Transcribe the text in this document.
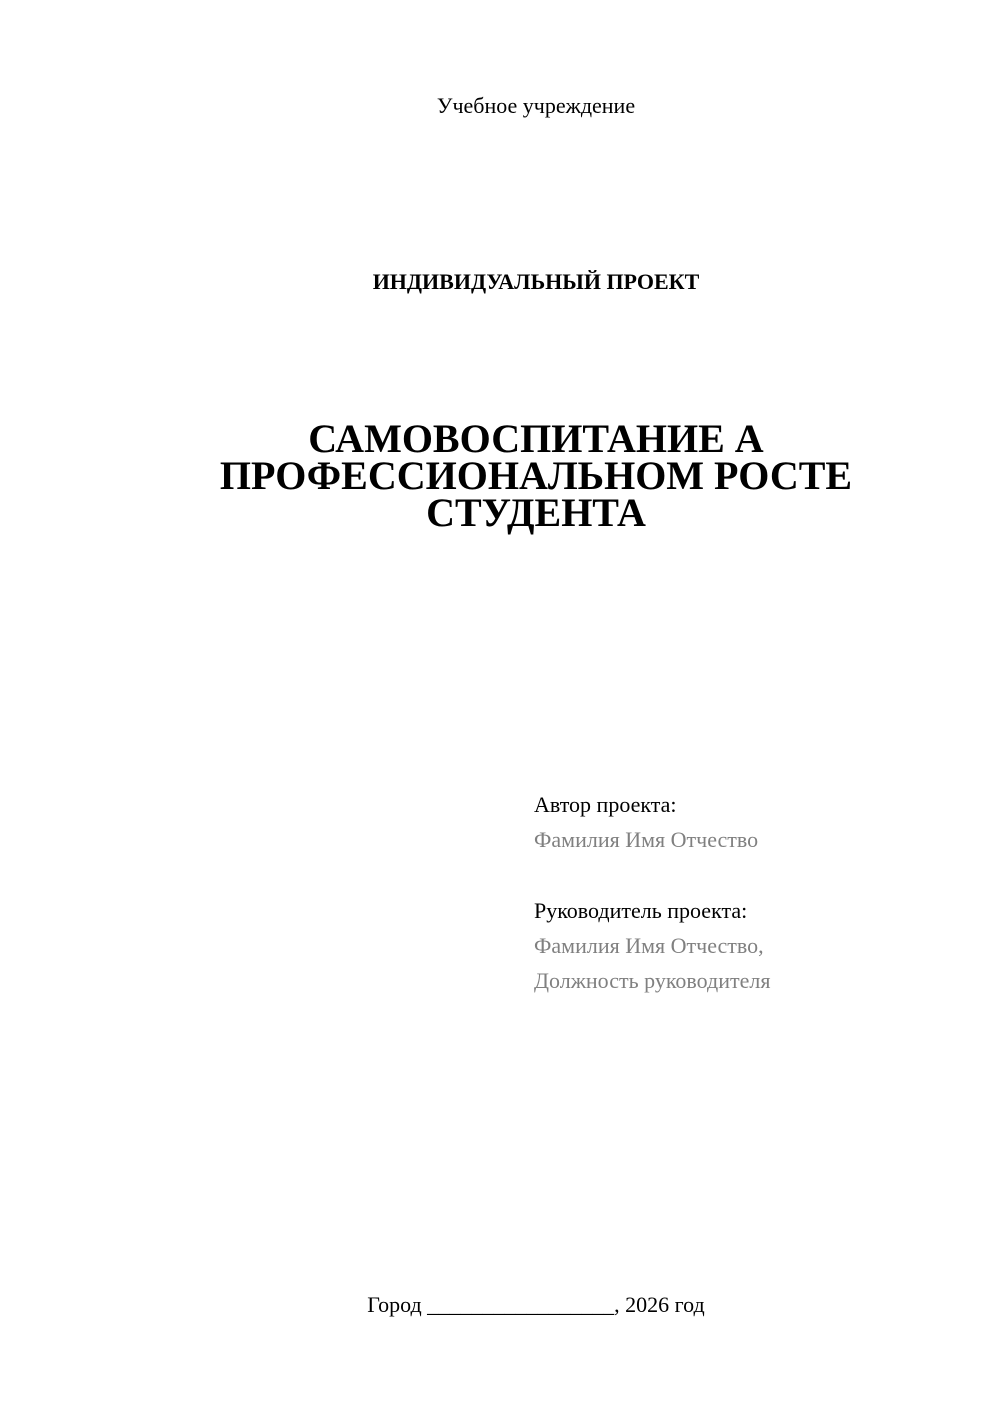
Учебное учреждение
ИНДИВИДУАЛЬНЫЙ ПРОЕКТ
САМОВОСПИТАНИЕ А
ПРОФЕССИОНАЛЬНОМ РОСТЕ
СТУДЕНТА
Автор проекта:
Фамилия Имя Отчество
Руководитель проекта:
Фамилия Имя Отчество,
Должность руководителя
Город _________________, 2026 год
